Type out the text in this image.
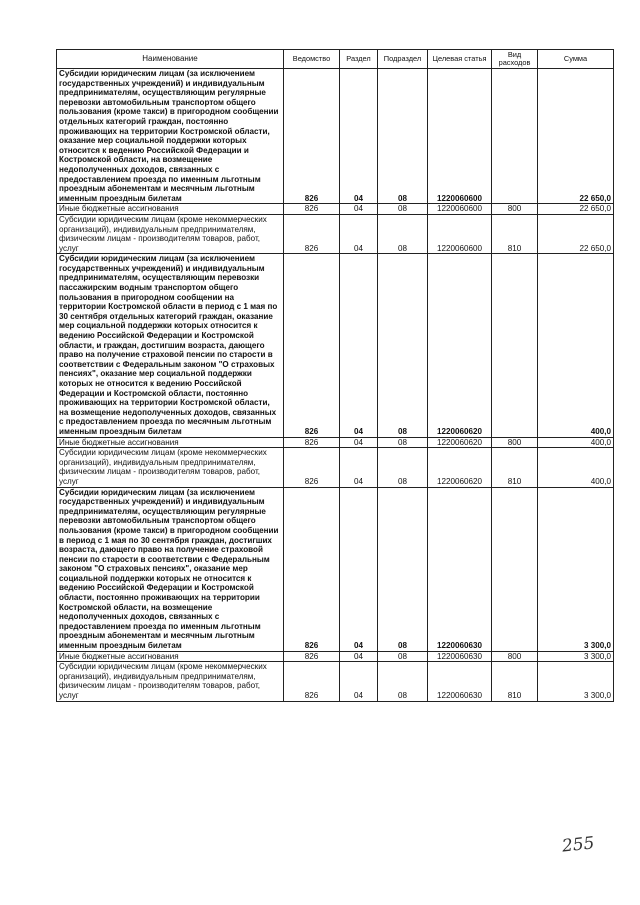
Наименование	Ведомство	Раздел	Подраздел	Целевая статья	Вид расходов	Сумма
Субсидии юридическим лицам (за исключением государственных учреждений) и индивидуальным предпринимателям, осуществляющим регулярные перевозки автомобильным транспортом общего пользования (кроме такси) в пригородном сообщении отдельных категорий граждан, постоянно проживающих на территории Костромской области, оказание мер социальной поддержки которых относится к ведению Российской Федерации и Костромской области, на возмещение недополученных доходов, связанных с предоставлением проезда по именным льготным проездным абонементам и месячным льготным именным проездным билетам	826	04	08	1220060600		22 650,0
Иные бюджетные ассигнования	826	04	08	1220060600	800	22 650,0
Субсидии юридическим лицам (кроме некоммерческих организаций), индивидуальным предпринимателям, физическим лицам - производителям товаров, работ, услуг	826	04	08	1220060600	810	22 650,0
Субсидии юридическим лицам (за исключением государственных учреждений) и индивидуальным предпринимателям, осуществляющим перевозки пассажирским водным транспортом общего пользования в пригородном сообщении на территории Костромской области в период с 1 мая по 30 сентября отдельных категорий граждан, оказание мер социальной поддержки которых относится к ведению Российской Федерации и Костромской области, и граждан, достигшим возраста, дающего право на получение страховой пенсии по старости в соответствии с Федеральным законом "О страховых пенсиях", оказание мер социальной поддержки которых не относится к ведению Российской Федерации и Костромской области, постоянно проживающих на территории Костромской области, на возмещение недополученных доходов, связанных с предоставлением проезда по месячным льготным именным проездным билетам	826	04	08	1220060620		400,0
Иные бюджетные ассигнования	826	04	08	1220060620	800	400,0
Субсидии юридическим лицам (кроме некоммерческих организаций), индивидуальным предпринимателям, физическим лицам - производителям товаров, работ, услуг	826	04	08	1220060620	810	400,0
Субсидии юридическим лицам (за исключением государственных учреждений) и индивидуальным предпринимателям, осуществляющим регулярные перевозки автомобильным транспортом общего пользования (кроме такси) в пригородном сообщении в период с 1 мая по 30 сентября граждан, достигших возраста, дающего право на получение страховой пенсии по старости в соответствии с Федеральным законом "О страховых пенсиях", оказание мер социальной поддержки которых не относится к ведению Российской Федерации и Костромской области, постоянно проживающих на территории Костромской области, на возмещение недополученных доходов, связанных с предоставлением проезда по именным льготным проездным абонементам и месячным льготным именным проездным билетам	826	04	08	1220060630		3 300,0
Иные бюджетные ассигнования	826	04	08	1220060630	800	3 300,0
Субсидии юридическим лицам (кроме некоммерческих организаций), индивидуальным предпринимателям, физическим лицам - производителям товаров, работ, услуг	826	04	08	1220060630	810	3 300,0
255
